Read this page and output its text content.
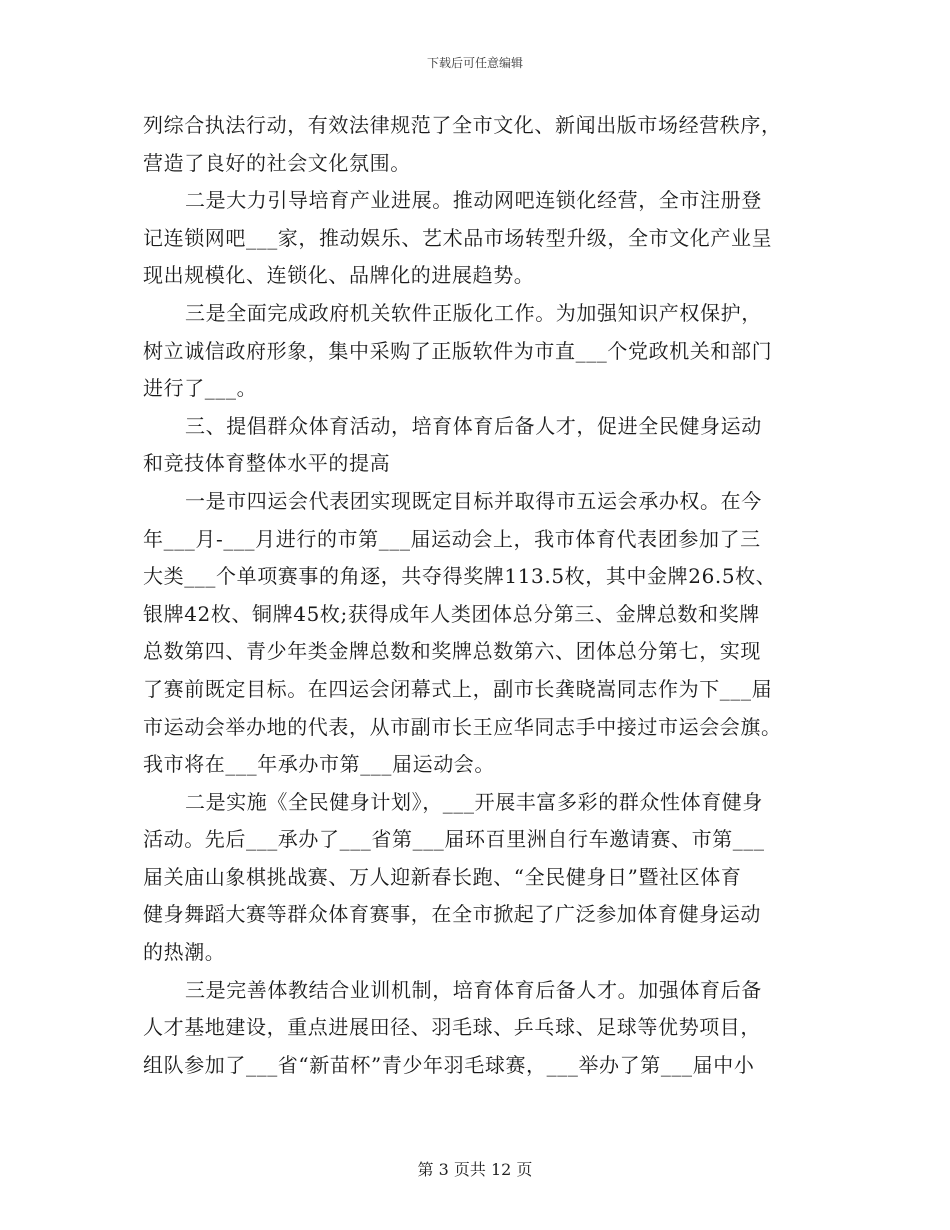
下载后可任意编辑
列综合执法行动，有效法律规范了全市文化、新闻出版市场经营秩序，
营造了良好的社会文化氛围。
二是大力引导培育产业进展。推动网吧连锁化经营，全市注册登
记连锁网吧___家，推动娱乐、艺术品市场转型升级，全市文化产业呈
现出规模化、连锁化、品牌化的进展趋势。
三是全面完成政府机关软件正版化工作。为加强知识产权保护，
树立诚信政府形象，集中采购了正版软件为市直___个党政机关和部门
进行了___。
三、提倡群众体育活动，培育体育后备人才，促进全民健身运动
和竞技体育整体水平的提高
一是市四运会代表团实现既定目标并取得市五运会承办权。在今
年___月-___月进行的市第___届运动会上，我市体育代表团参加了三
大类___个单项赛事的角逐，共夺得奖牌113.5枚，其中金牌26.5枚、
银牌42枚、铜牌45枚;获得成年人类团体总分第三、金牌总数和奖牌
总数第四、青少年类金牌总数和奖牌总数第六、团体总分第七，实现
了赛前既定目标。在四运会闭幕式上，副市长龚晓嵩同志作为下___届
市运动会举办地的代表，从市副市长王应华同志手中接过市运会会旗。
我市将在___年承办市第___届运动会。
二是实施《全民健身计划》，___开展丰富多彩的群众性体育健身
活动。先后___承办了___省第___届环百里洲自行车邀请赛、市第___
届关庙山象棋挑战赛、万人迎新春长跑、“全民健身日”暨社区体育
健身舞蹈大赛等群众体育赛事，在全市掀起了广泛参加体育健身运动
的热潮。
三是完善体教结合业训机制，培育体育后备人才。加强体育后备
人才基地建设，重点进展田径、羽毛球、乒乓球、足球等优势项目，
组队参加了___省“新苗杯”青少年羽毛球赛，___举办了第___届中小
第 3 页共 12 页
